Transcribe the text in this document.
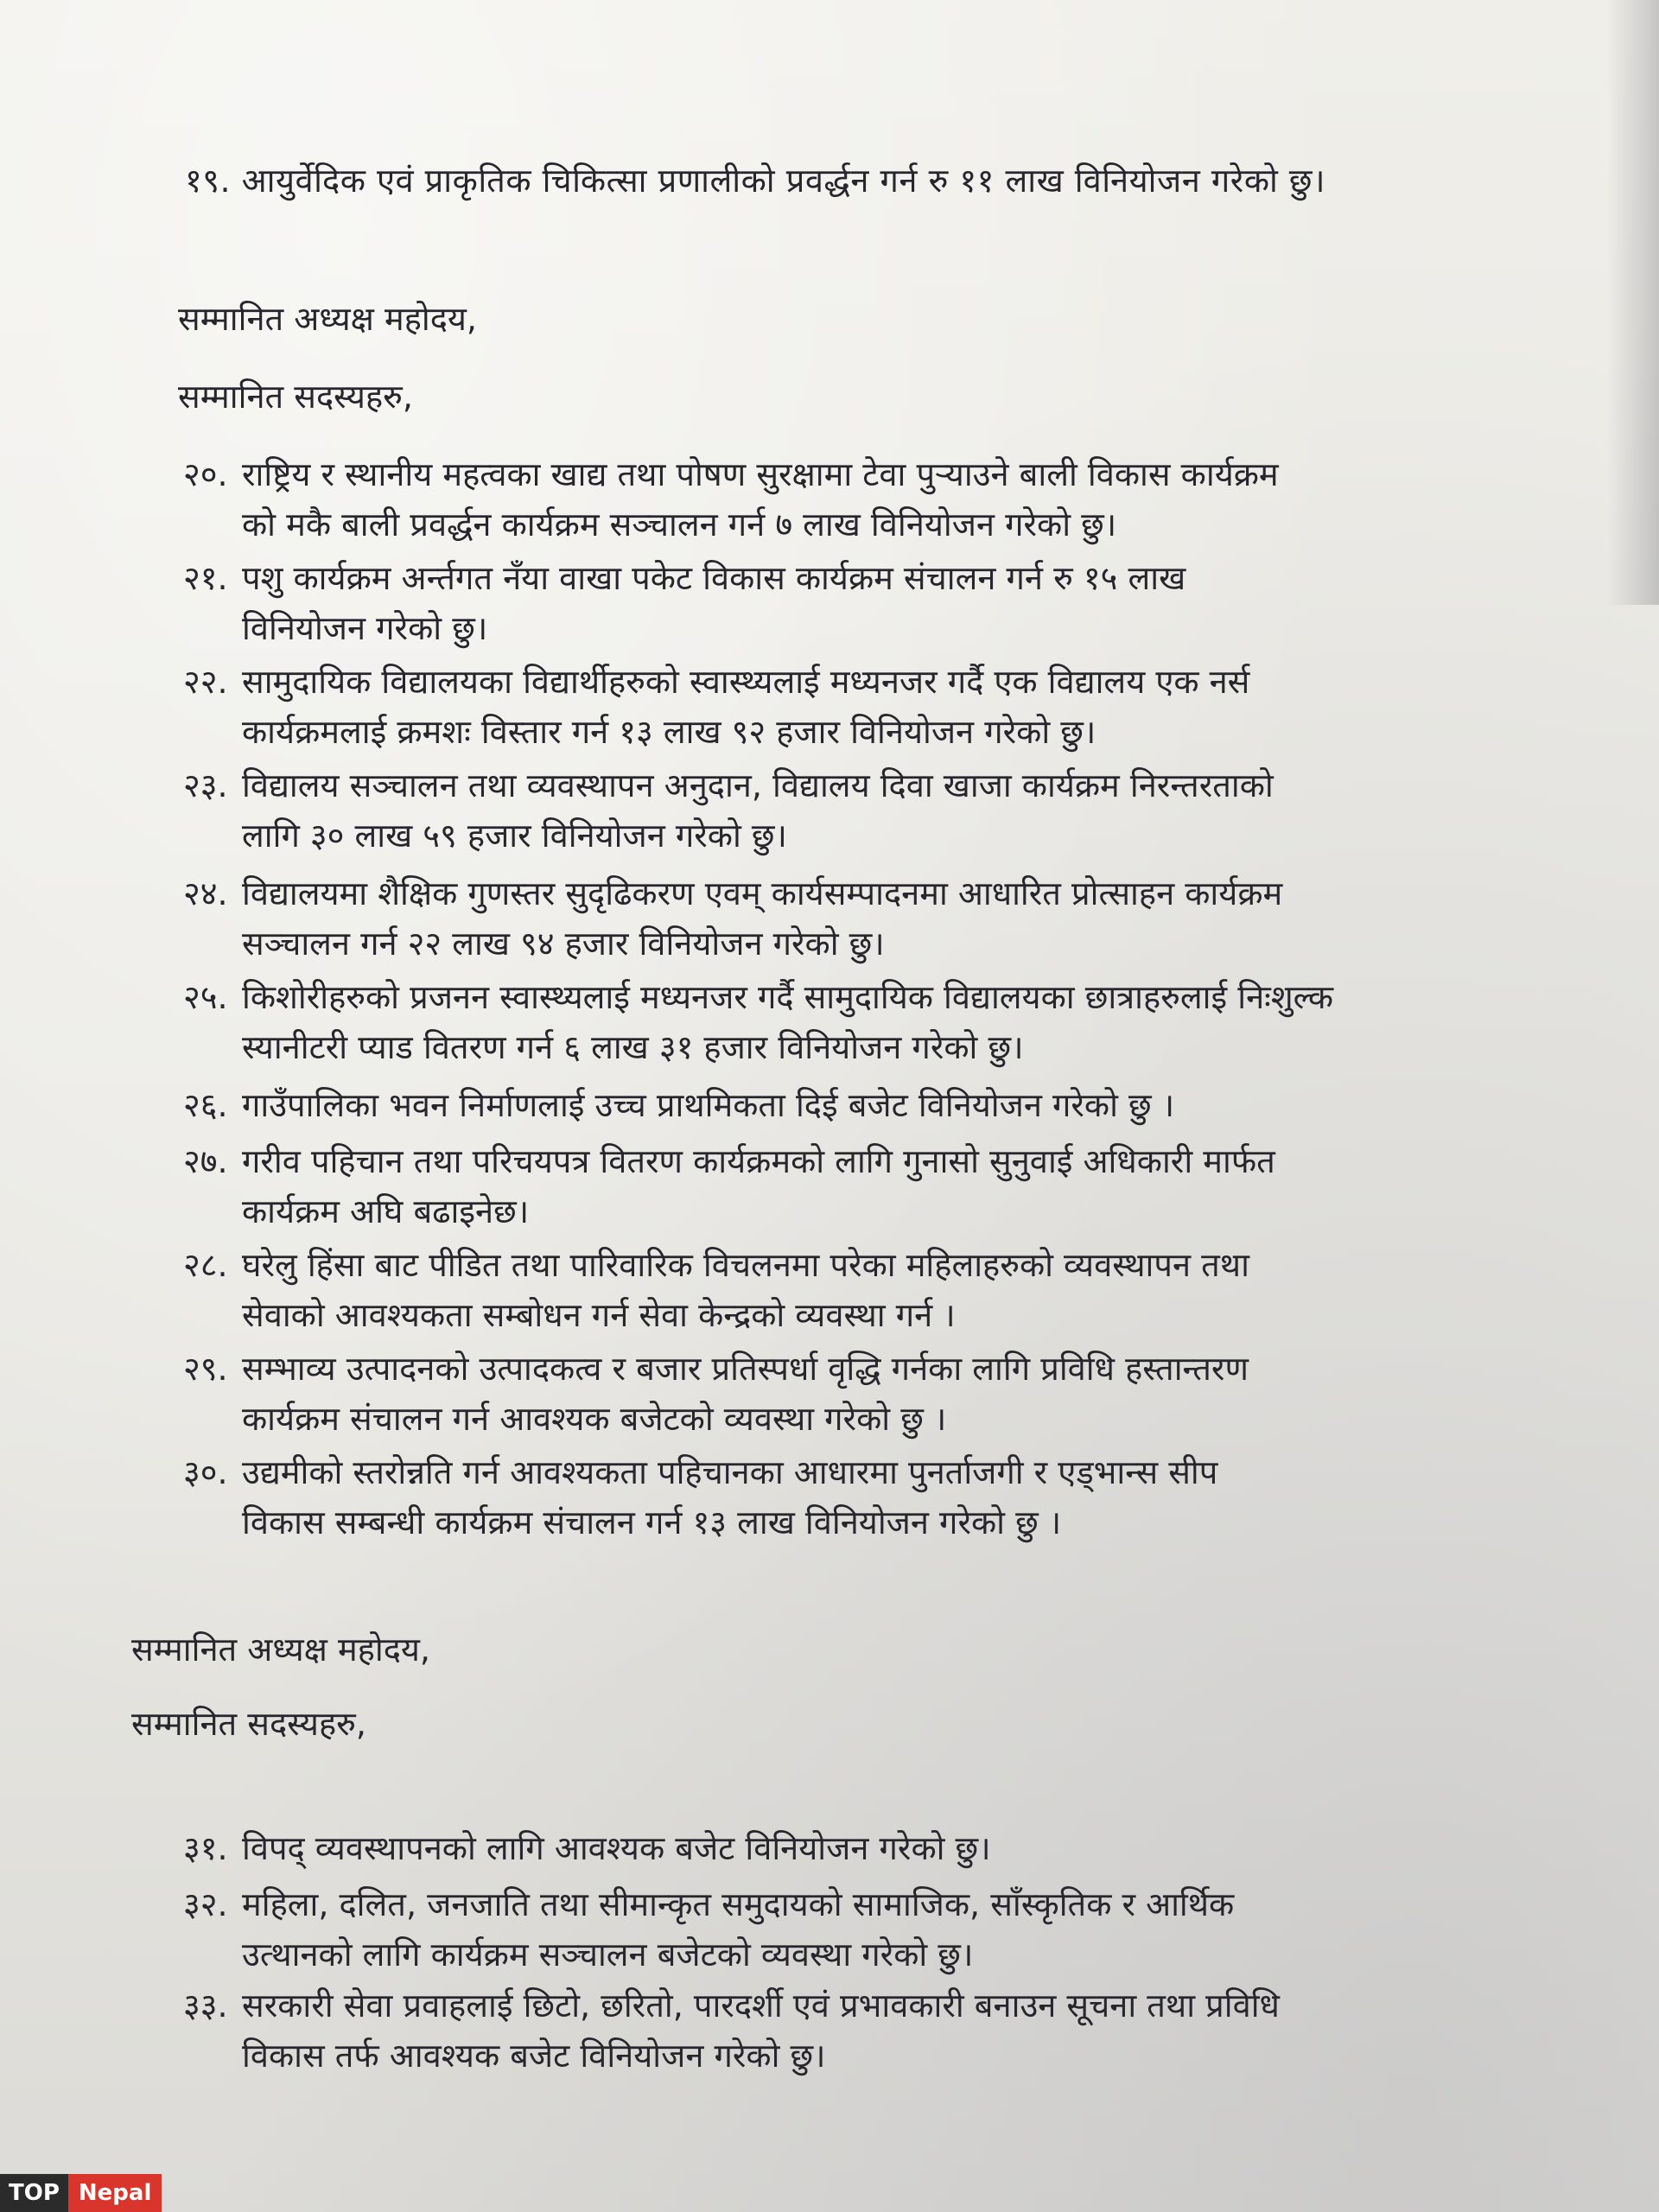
१९. आयुर्वेदिक एवं प्राकृतिक चिकित्सा प्रणालीको प्रवर्द्धन गर्न रु ११ लाख विनियोजन गरेको छु।
सम्मानित अध्यक्ष महोदय,
सम्मानित सदस्यहरु,
२०. राष्ट्रिय र स्थानीय महत्वका खाद्य तथा पोषण सुरक्षामा टेवा पुर्‍याउने बाली विकास कार्यक्रम
को मकै बाली प्रवर्द्धन कार्यक्रम सञ्चालन गर्न ७ लाख विनियोजन गरेको छु।
२१. पशु कार्यक्रम अर्न्तगत नँया वाखा पकेट विकास कार्यक्रम संचालन गर्न रु १५ लाख
विनियोजन गरेको छु।
२२. सामुदायिक विद्यालयका विद्यार्थीहरुको स्वास्थ्यलाई मध्यनजर गर्दै एक विद्यालय एक नर्स
कार्यक्रमलाई क्रमशः विस्तार गर्न १३ लाख ९२ हजार विनियोजन गरेको छु।
२३. विद्यालय सञ्चालन तथा व्यवस्थापन अनुदान, विद्यालय दिवा खाजा कार्यक्रम निरन्तरताको
लागि ३० लाख ५९ हजार विनियोजन गरेको छु।
२४. विद्यालयमा शैक्षिक गुणस्तर सुदृढिकरण एवम् कार्यसम्पादनमा आधारित प्रोत्साहन कार्यक्रम
सञ्चालन गर्न २२ लाख ९४ हजार विनियोजन गरेको छु।
२५. किशोरीहरुको प्रजनन स्वास्थ्यलाई मध्यनजर गर्दै सामुदायिक विद्यालयका छात्राहरुलाई निःशुल्क
स्यानीटरी प्याड वितरण गर्न ६ लाख ३१ हजार विनियोजन गरेको छु।
२६. गाउँपालिका भवन निर्माणलाई उच्च प्राथमिकता दिई बजेट विनियोजन गरेको छु ।
२७. गरीव पहिचान तथा परिचयपत्र वितरण कार्यक्रमको लागि गुनासो सुनुवाई अधिकारी मार्फत
कार्यक्रम अघि बढाइनेछ।
२८. घरेलु हिंसा बाट पीडित तथा पारिवारिक विचलनमा परेका महिलाहरुको व्यवस्थापन तथा
सेवाको आवश्यकता सम्बोधन गर्न सेवा केन्द्रको व्यवस्था गर्न ।
२९. सम्भाव्य उत्पादनको उत्पादकत्व र बजार प्रतिस्पर्धा वृद्धि गर्नका लागि प्रविधि हस्तान्तरण
कार्यक्रम संचालन गर्न आवश्यक बजेटको व्यवस्था गरेको छु ।
३०. उद्यमीको स्तरोन्नति गर्न आवश्यकता पहिचानका आधारमा पुनर्ताजगी र एड्भान्स सीप
विकास सम्बन्धी कार्यक्रम संचालन गर्न १३ लाख विनियोजन गरेको छु ।
सम्मानित अध्यक्ष महोदय,
सम्मानित सदस्यहरु,
३१. विपद् व्यवस्थापनको लागि आवश्यक बजेट विनियोजन गरेको छु।
३२. महिला, दलित, जनजाति तथा सीमान्कृत समुदायको सामाजिक, साँस्कृतिक र आर्थिक
उत्थानको लागि कार्यक्रम सञ्चालन बजेटको व्यवस्था गरेको छु।
३३. सरकारी सेवा प्रवाहलाई छिटो, छरितो, पारदर्शी एवं प्रभावकारी बनाउन सूचना तथा प्रविधि
विकास तर्फ आवश्यक बजेट विनियोजन गरेको छु।
TOP Nepal
